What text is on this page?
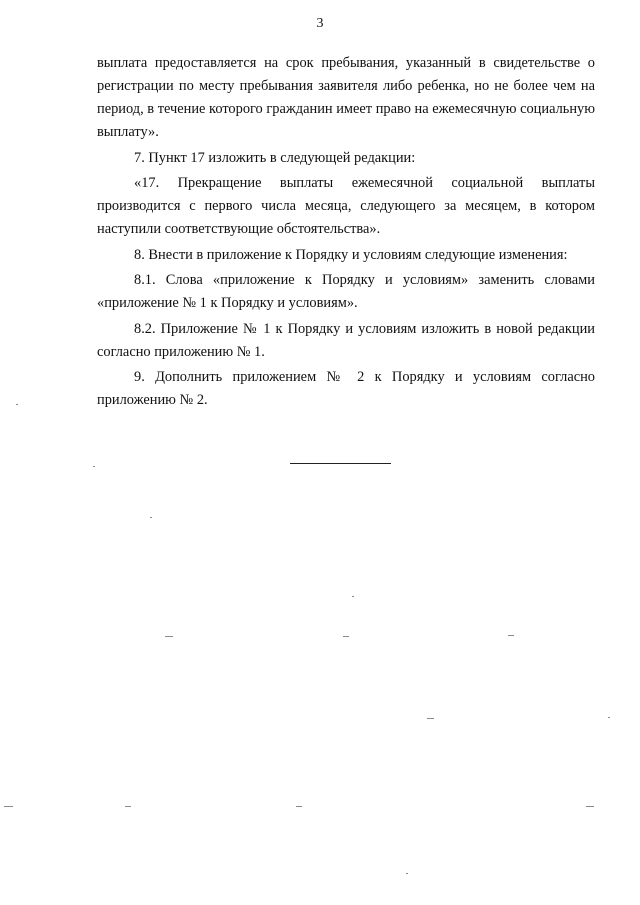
3

выплата предоставляется на срок пребывания, указанный в свидетельстве о регистрации по месту пребывания заявителя либо ребенка, но не более чем на период, в течение которого гражданин имеет право на ежемесячную социальную выплату».

7. Пункт 17 изложить в следующей редакции:

«17. Прекращение выплаты ежемесячной социальной выплаты производится с первого числа месяца, следующего за месяцем, в котором наступили соответствующие обстоятельства».

8. Внести в приложение к Порядку и условиям следующие изменения:

8.1. Слова «приложение к Порядку и условиям» заменить словами «приложение № 1 к Порядку и условиям».

8.2. Приложение № 1 к Порядку и условиям изложить в новой редакции согласно приложению № 1.

9. Дополнить приложением № 2 к Порядку и условиям согласно приложению № 2.
